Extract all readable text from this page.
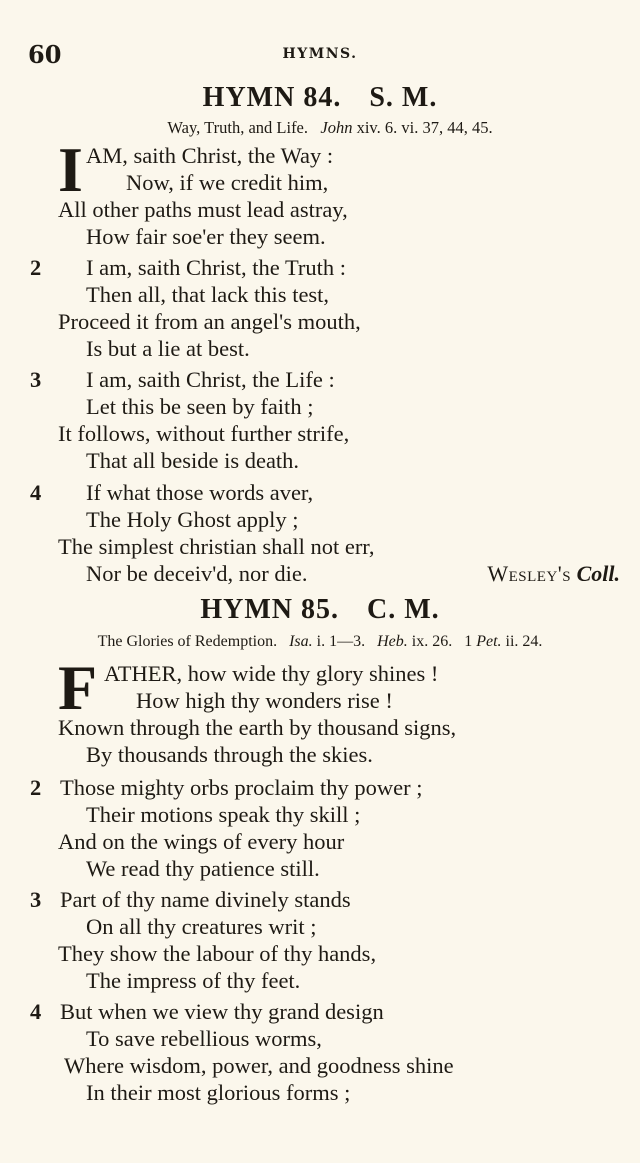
60	HYMNS.
HYMN 84. S. M.
Way, Truth, and Life. John xiv. 6. vi. 37, 44, 45.
I AM, saith Christ, the Way :
Now, if we credit him,
All other paths must lead astray,
How fair soe'er they seem.
2 I am, saith Christ, the Truth :
Then all, that lack this test,
Proceed it from an angel's mouth,
Is but a lie at best.
3 I am, saith Christ, the Life :
Let this be seen by faith ;
It follows, without further strife,
That all beside is death.
4 If what those words aver,
The Holy Ghost apply ;
The simplest christian shall not err,
Nor be deceiv'd, nor die.	Wesley's Coll.
HYMN 85. C. M.
The Glories of Redemption. Isa. i. 1—3. Heb. ix. 26. 1 Pet. ii. 24.
F ATHER, how wide thy glory shines !
How high thy wonders rise !
Known through the earth by thousand signs,
By thousands through the skies.
2 Those mighty orbs proclaim thy power ;
Their motions speak thy skill ;
And on the wings of every hour
We read thy patience still.
3 Part of thy name divinely stands
On all thy creatures writ ;
They show the labour of thy hands,
The impress of thy feet.
4 But when we view thy grand design
To save rebellious worms,
Where wisdom, power, and goodness shine
In their most glorious forms ;
